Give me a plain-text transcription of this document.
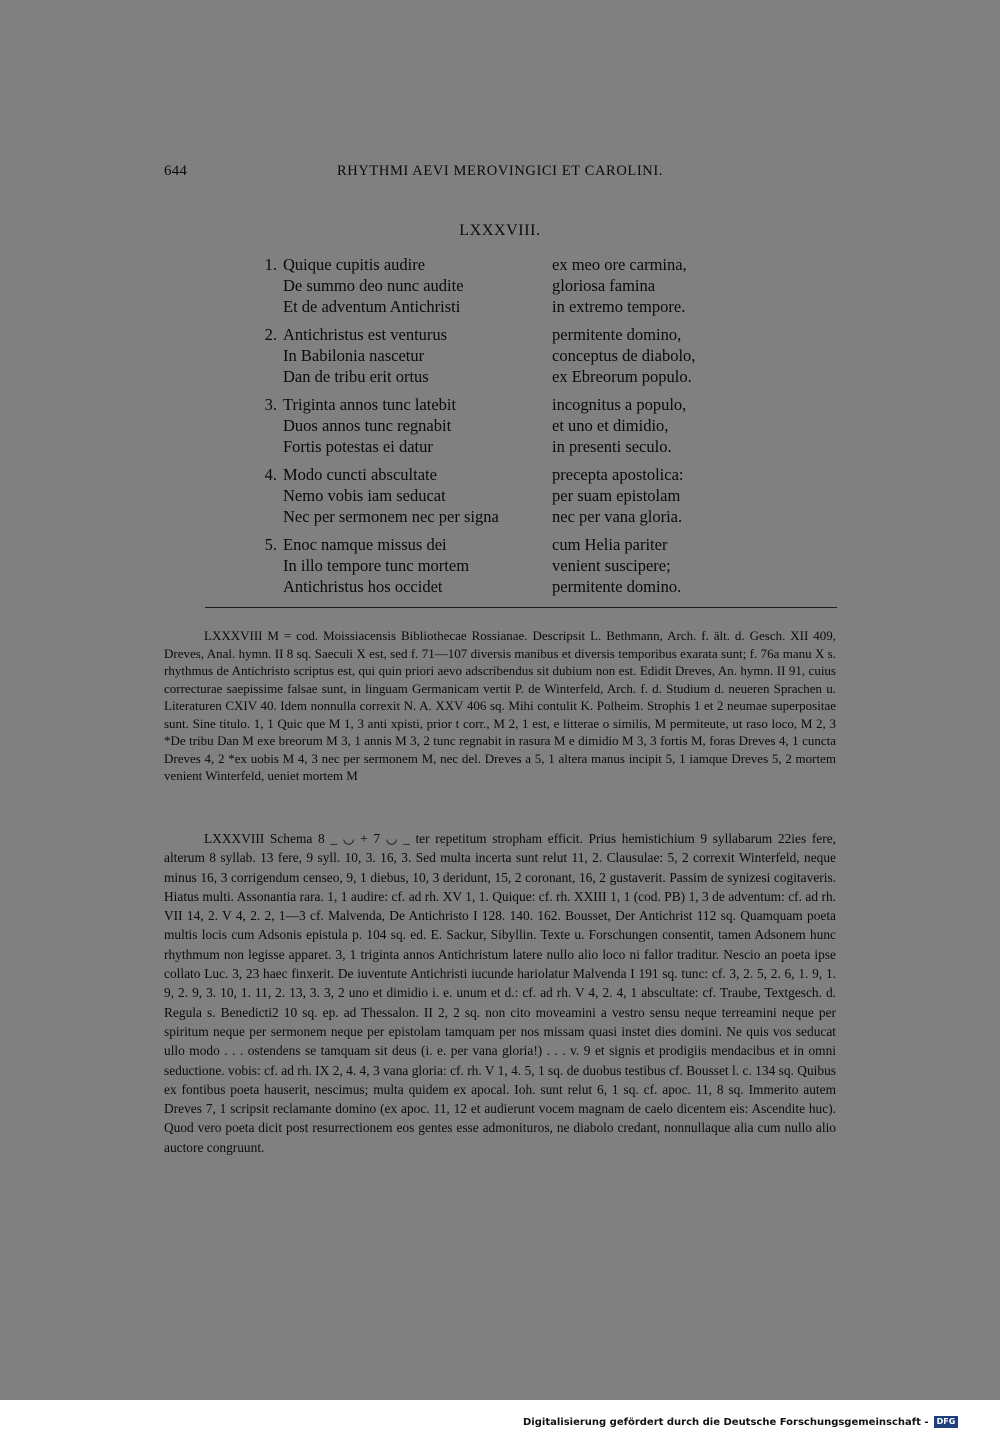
644	RHYTHMI AEVI MEROVINGICI ET CAROLINI.
LXXXVIII.
1. Quique cupitis audire	ex meo ore carmina,
De summo deo nunc audite	gloriosa famina
Et de adventum Antichristi	in extremo tempore.
2. Antichristus est venturus	permitente domino,
In Babilonia nascetur	conceptus de diabolo,
Dan de tribu erit ortus	ex Ebreorum populo.
3. Triginta annos tunc latebit	incognitus a populo,
Duos annos tunc regnabit	et uno et dimidio,
Fortis potestas ei datur	in presenti seculo.
4. Modo cuncti abscultate	precepta apostolica:
Nemo vobis iam seducat	per suam epistolam
Nec per sermonem nec per signa	nec per vana gloria.
5. Enoc namque missus dei	cum Helia pariter
In illo tempore tunc mortem	venient suscipere;
Antichristus hos occidet	permitente domino.

LXXXVIII M = cod. Moissiacensis Bibliothecae Rossianae. Descripsit L. Bethmann, Arch. f. ält. d. Gesch. XII 409, Dreves, Anal. hymn. II 8 sq. Saeculi X est, sed f. 71—107 diversis manibus et diversis temporibus exarata sunt; f. 76a manu X s. rhythmus de Antichristo scriptus est, qui quin priori aevo adscribendus sit dubium non est. Edidit Dreves, An. hymn. II 91, cuius correcturae saepissime falsae sunt, in linguam Germanicam vertit P. de Winterfeld, Arch. f. d. Studium d. neueren Sprachen u. Literaturen CXIV 40. Idem nonnulla correxit N. A. XXV 406 sq. Mihi contulit K. Polheim. Strophis 1 et 2 neumae superpositae sunt. Sine titulo. 1, 1 Quic que M 1, 3 anti xpisti, prior t corr., M 2, 1 est, e litterae o similis, M permiteute, ut raso loco, M 2, 3 *De tribu Dan M exe breorum M 3, 1 annis M 3, 2 tunc regnabit in rasura M e dimidio M 3, 3 fortis M, foras Dreves 4, 1 cuncta Dreves 4, 2 *ex uobis M 4, 3 nec per sermonem M, nec del. Dreves a 5, 1 altera manus incipit 5, 1 iamque Dreves 5, 2 mortem venient Winterfeld, ueniet mortem M

LXXXVIII Schema 8 _ ◡ + 7 ◡ _ ter repetitum stropham efficit. Prius hemistichium 9 syllabarum 22ies fere, alterum 8 syllab. 13 fere, 9 syll. 10, 3. 16, 3. Sed multa incerta sunt relut 11, 2. Clausulae: 5, 2 correxit Winterfeld, neque minus 16, 3 corrigendum censeo, 9, 1 diebus, 10, 3 deridunt, 15, 2 coronant, 16, 2 gustaverit. Passim de synizesi cogitaveris. Hiatus multi. Assonantia rara. 1, 1 audire: cf. ad rh. XV 1, 1. Quique: cf. rh. XXIII 1, 1 (cod. PB) 1, 3 de adventum: cf. ad rh. VII 14, 2. V 4, 2. 2, 1—3 cf. Malvenda, De Antichristo I 128. 140. 162. Bousset, Der Antichrist 112 sq. Quamquam poeta multis locis cum Adsonis epistula p. 104 sq. ed. E. Sackur, Sibyllin. Texte u. Forschungen consentit, tamen Adsonem hunc rhythmum non legisse apparet. 3, 1 triginta annos Antichristum latere nullo alio loco ni fallor traditur. Nescio an poeta ipse collato Luc. 3, 23 haec finxerit. De iuventute Antichristi iucunde hariolatur Malvenda I 191 sq. tunc: cf. 3, 2. 5, 2. 6, 1. 9, 1. 9, 2. 9, 3. 10, 1. 11, 2. 13, 3. 3, 2 uno et dimidio i. e. unum et d.: cf. ad rh. V 4, 2. 4, 1 abscultate: cf. Traube, Textgesch. d. Regula s. Benedicti2 10 sq. ep. ad Thessalon. II 2, 2 sq. non cito moveamini a vestro sensu neque terreamini neque per spiritum neque per sermonem neque per epistolam tamquam per nos missam quasi instet dies domini. Ne quis vos seducat ullo modo . . . ostendens se tamquam sit deus (i. e. per vana gloria!) . . . v. 9 et signis et prodigiis mendacibus et in omni seductione. vobis: cf. ad rh. IX 2, 4. 4, 3 vana gloria: cf. rh. V 1, 4. 5, 1 sq. de duobus testibus cf. Bousset l. c. 134 sq. Quibus ex fontibus poeta hauserit, nescimus; multa quidem ex apocal. Ioh. sunt relut 6, 1 sq. cf. apoc. 11, 8 sq. Immerito autem Dreves 7, 1 scripsit reclamante domino (ex apoc. 11, 12 et audierunt vocem magnam de caelo dicentem eis: Ascendite huc). Quod vero poeta dicit post resurrectionem eos gentes esse admonituros, ne diabolo credant, nonnullaque alia cum nullo alio auctore congruunt.

Digitalisierung gefördert durch die Deutsche Forschungsgemeinschaft - DFG
